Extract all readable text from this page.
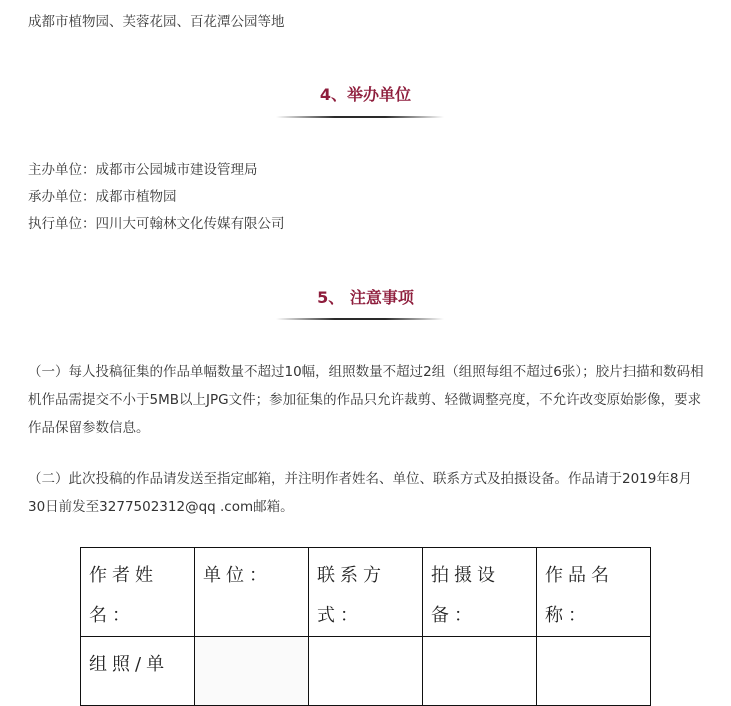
成都市植物园、芙蓉花园、百花潭公园等地
4、举办单位
主办单位：成都市公园城市建设管理局
承办单位：成都市植物园
执行单位：四川大可翰林文化传媒有限公司
5、 注意事项
（一）每人投稿征集的作品单幅数量不超过10幅，组照数量不超过2组（组照每组不超过6张）；胶片扫描和数码相机作品需提交不小于5MB以上JPG文件；参加征集的作品只允许裁剪、轻微调整亮度，不允许改变原始影像，要求作品保留参数信息。
（二）此次投稿的作品请发送至指定邮箱，并注明作者姓名、单位、联系方式及拍摄设备。作品请于2019年8月30日前发至3277502312@qq .com邮箱。
作者姓名：	单位：	联系方式：	拍摄设备：	作品名称：
组照/单				
